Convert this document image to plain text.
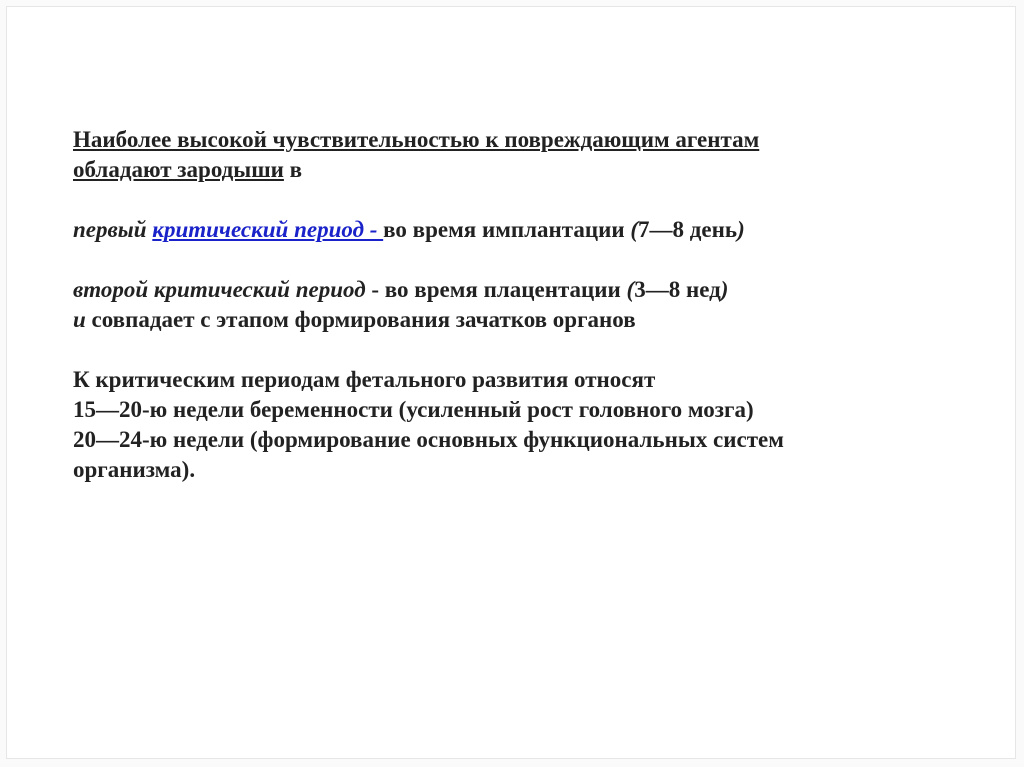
Наиболее высокой чувствительностью к повреждающим агентам
обладают зародыши в
первый критический период - во время имплантации (7—8 день)
второй критический период - во время плацентации (3—8 нед)
и совпадает с этапом формирования зачатков органов
К критическим периодам фетального развития относят
15—20-ю недели беременности (усиленный рост головного мозга)
20—24-ю недели (формирование основных функциональных систем
организма).
